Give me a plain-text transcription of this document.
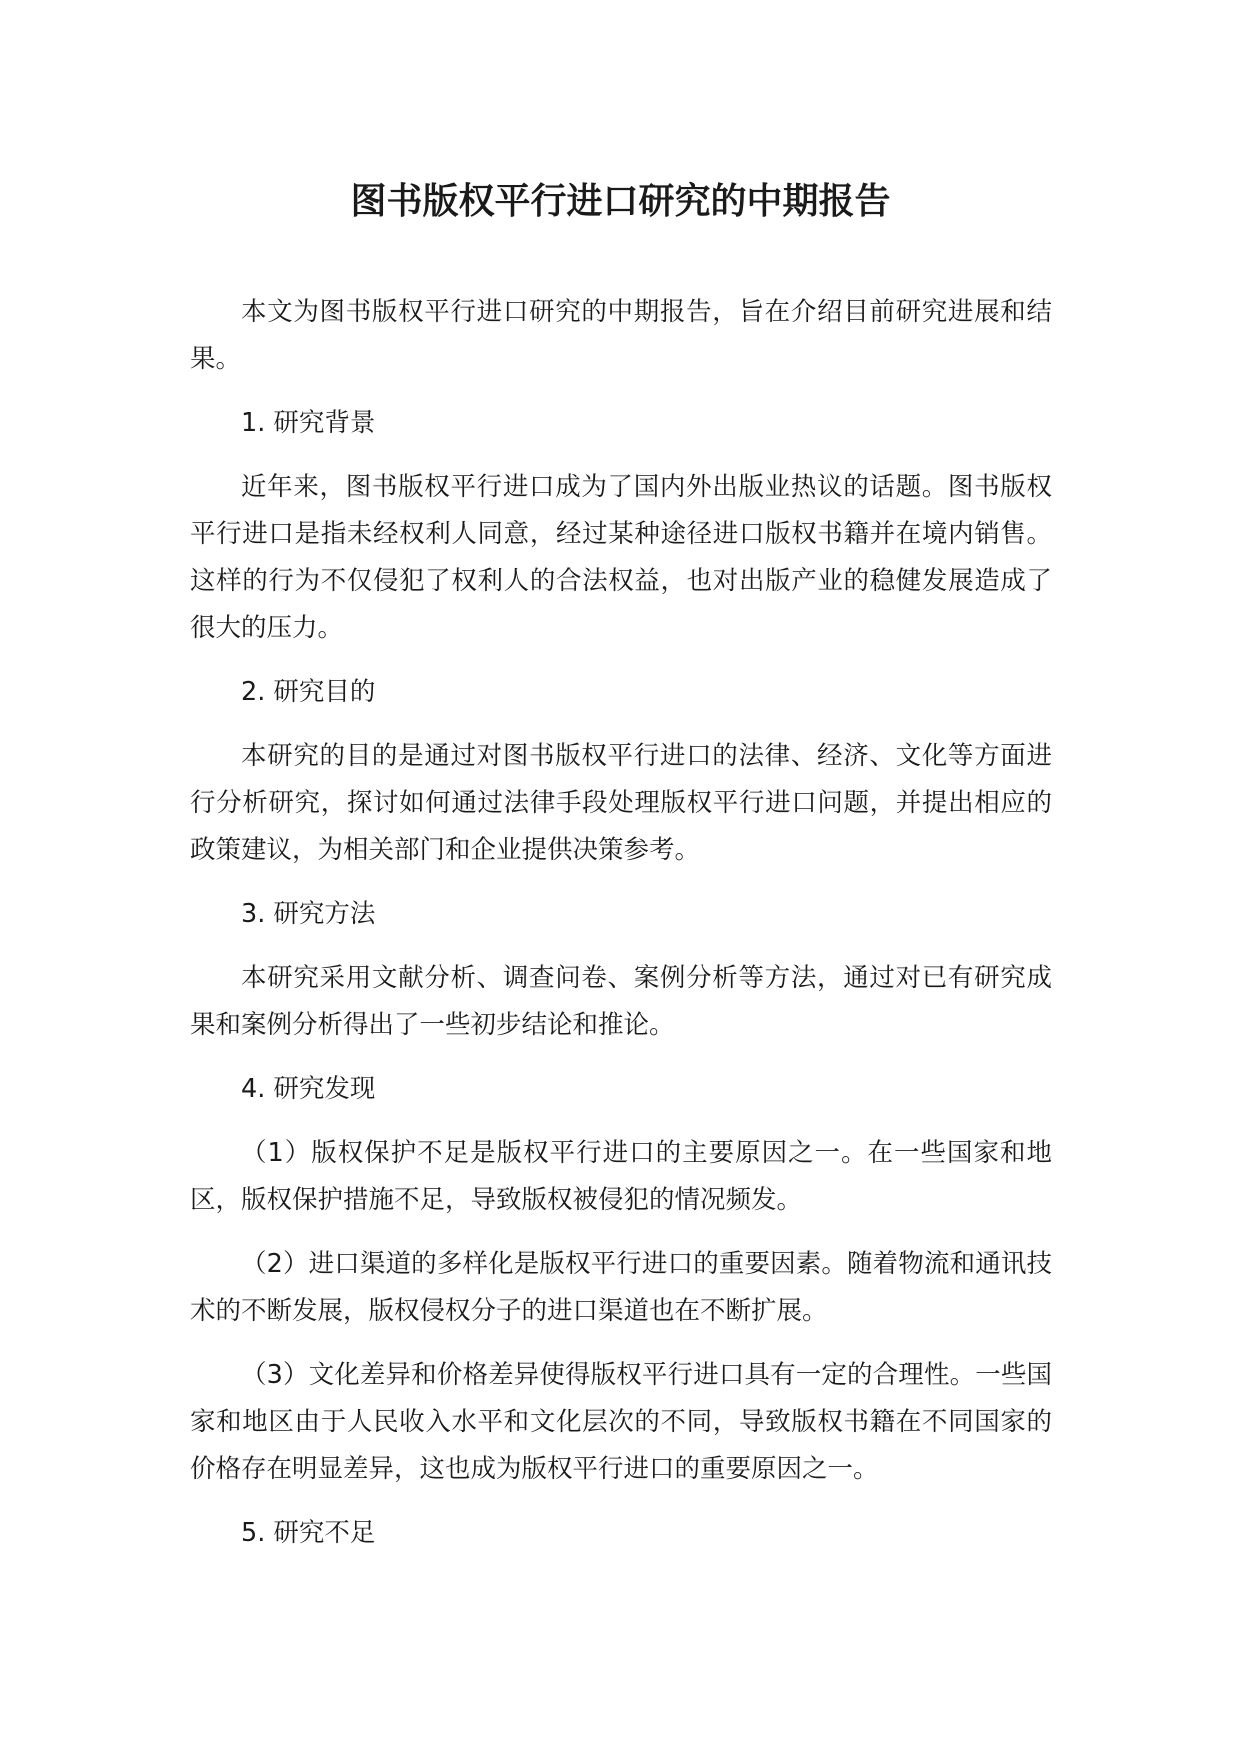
图书版权平行进口研究的中期报告

本文为图书版权平行进口研究的中期报告，旨在介绍目前研究进展和结果。

1. 研究背景

近年来，图书版权平行进口成为了国内外出版业热议的话题。图书版权平行进口是指未经权利人同意，经过某种途径进口版权书籍并在境内销售。这样的行为不仅侵犯了权利人的合法权益，也对出版产业的稳健发展造成了很大的压力。

2. 研究目的

本研究的目的是通过对图书版权平行进口的法律、经济、文化等方面进行分析研究，探讨如何通过法律手段处理版权平行进口问题，并提出相应的政策建议，为相关部门和企业提供决策参考。

3. 研究方法

本研究采用文献分析、调查问卷、案例分析等方法，通过对已有研究成果和案例分析得出了一些初步结论和推论。

4. 研究发现

（1）版权保护不足是版权平行进口的主要原因之一。在一些国家和地区，版权保护措施不足，导致版权被侵犯的情况频发。

（2）进口渠道的多样化是版权平行进口的重要因素。随着物流和通讯技术的不断发展，版权侵权分子的进口渠道也在不断扩展。

（3）文化差异和价格差异使得版权平行进口具有一定的合理性。一些国家和地区由于人民收入水平和文化层次的不同，导致版权书籍在不同国家的价格存在明显差异，这也成为版权平行进口的重要原因之一。

5. 研究不足
